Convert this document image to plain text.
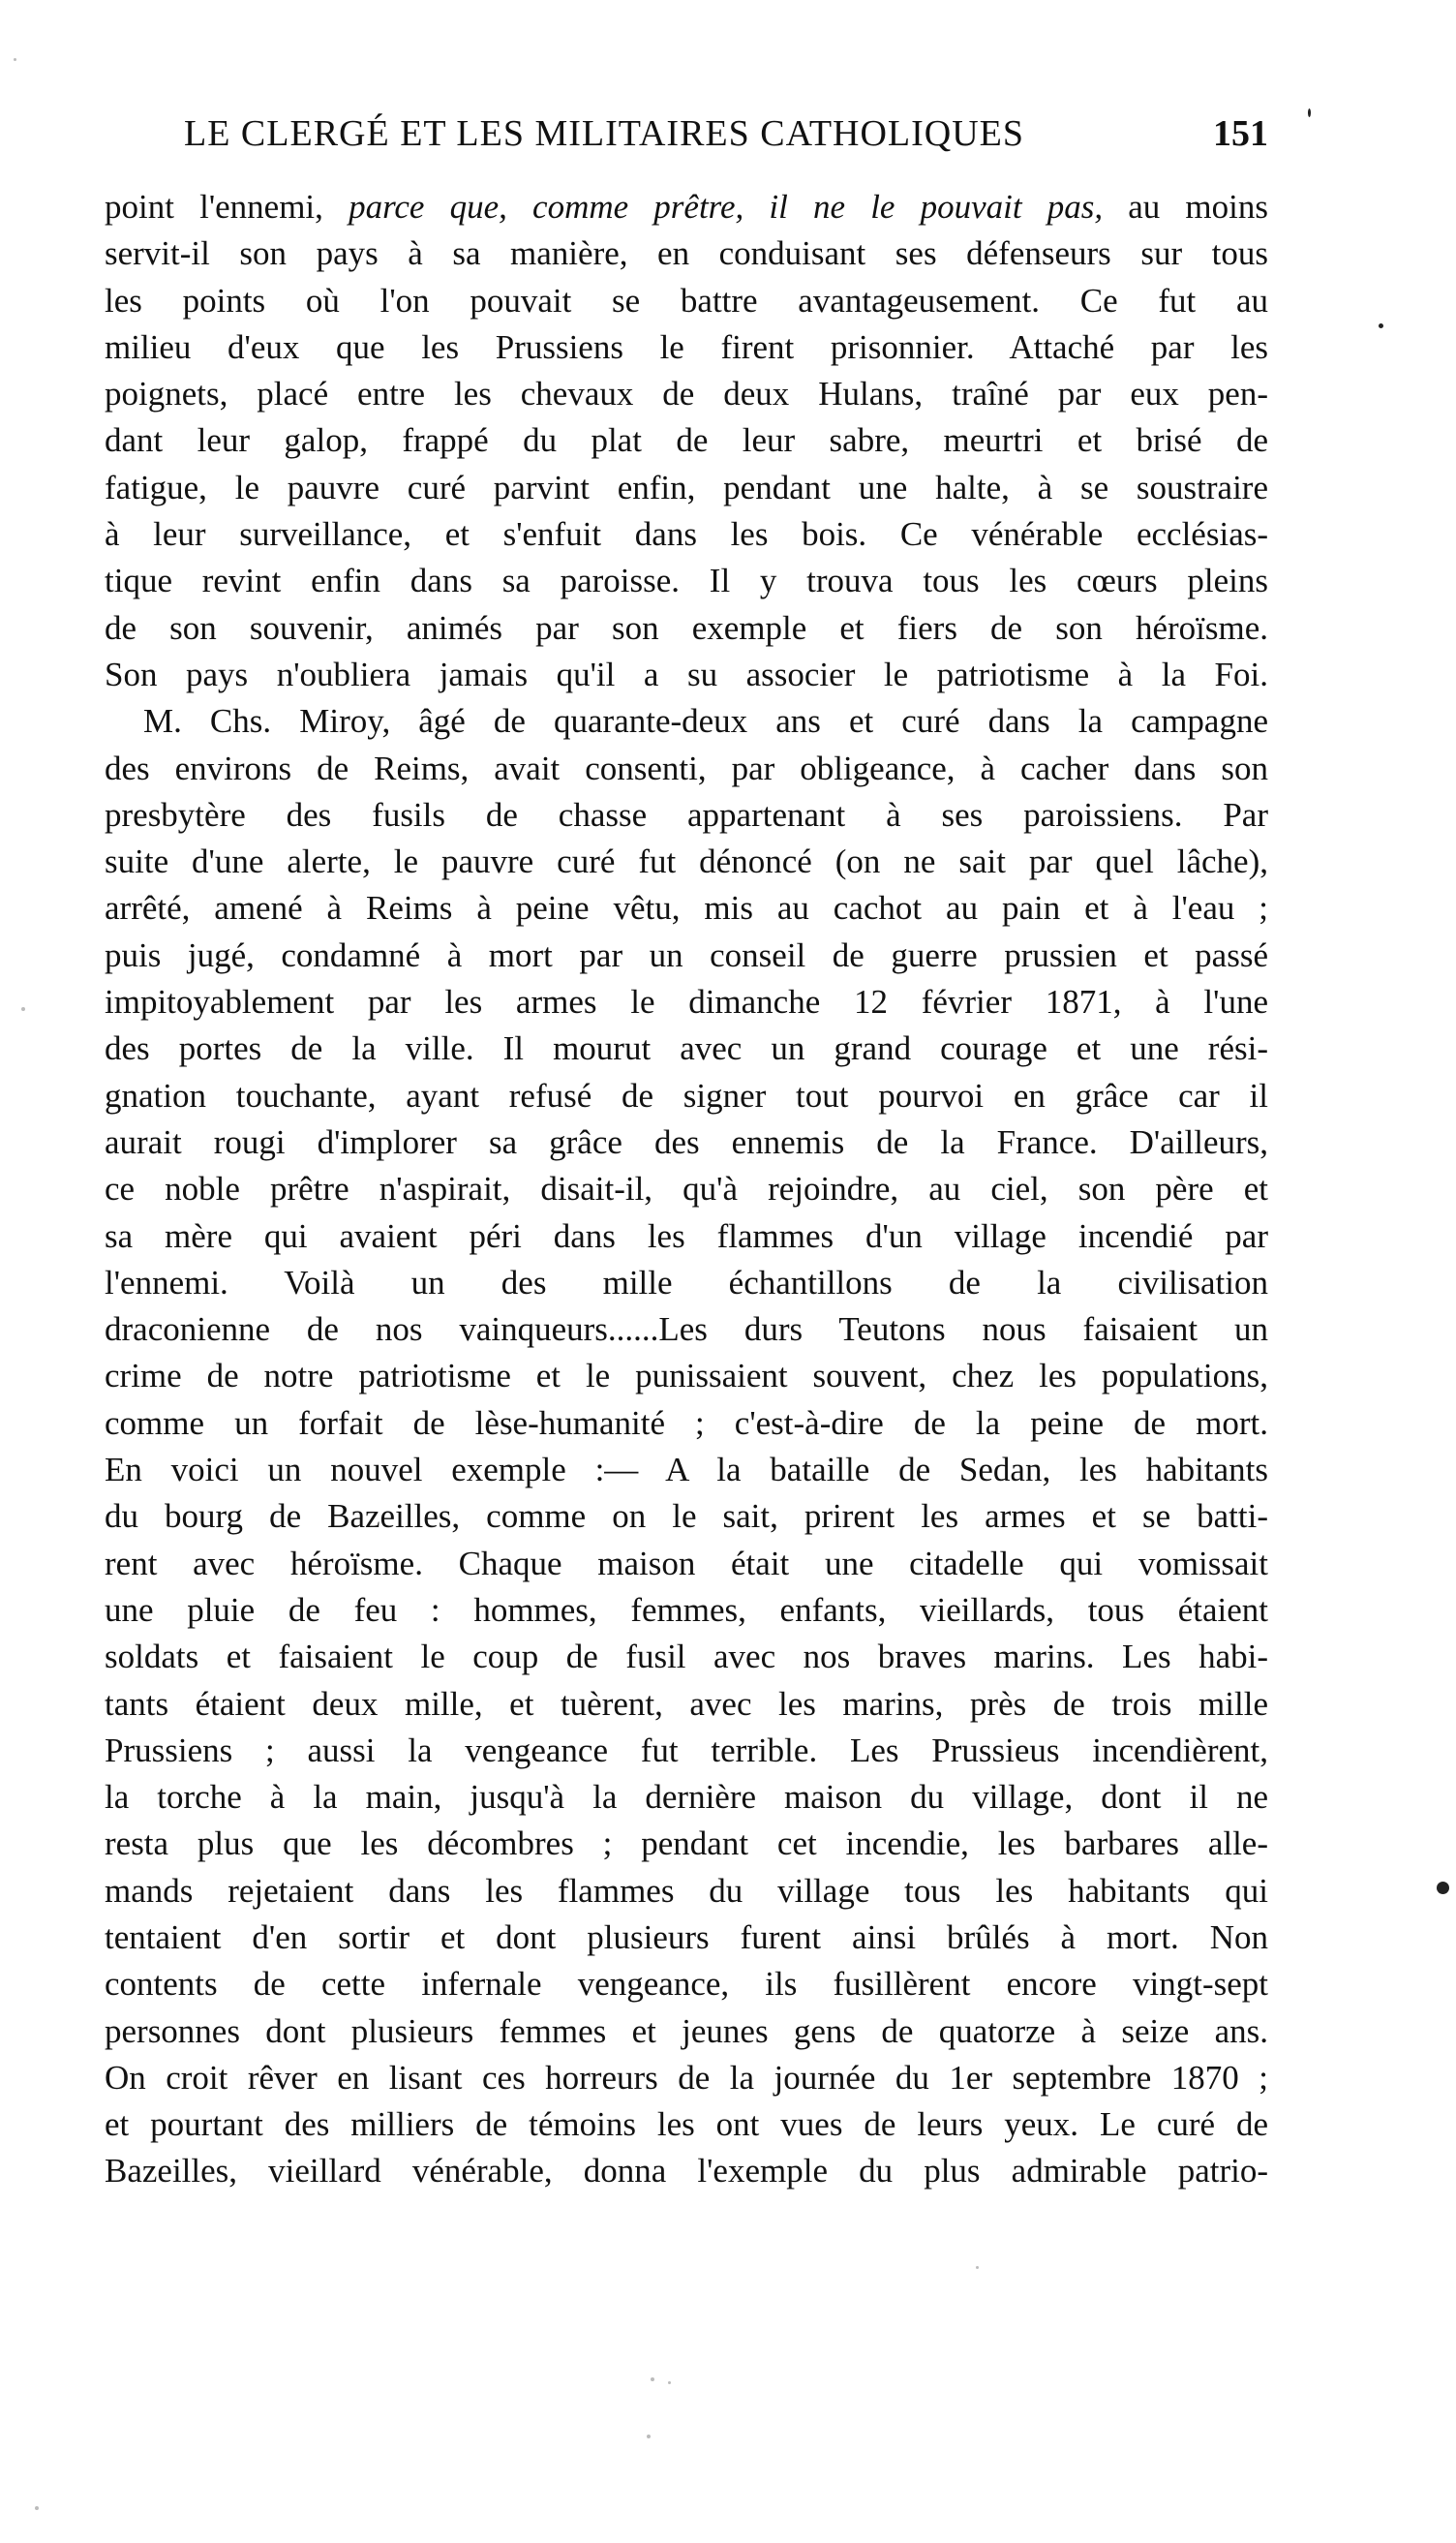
LE CLERGÉ ET LES MILITAIRES CATHOLIQUES	151
point l'ennemi, parce que, comme prêtre, il ne le pouvait pas, au moins
servit-il son pays à sa manière, en conduisant ses défenseurs sur tous
les points où l'on pouvait se battre avantageusement. Ce fut au
milieu d'eux que les Prussiens le firent prisonnier. Attaché par les
poignets, placé entre les chevaux de deux Hulans, traîné par eux pen-
dant leur galop, frappé du plat de leur sabre, meurtri et brisé de
fatigue, le pauvre curé parvint enfin, pendant une halte, à se soustraire
à leur surveillance, et s'enfuit dans les bois. Ce vénérable ecclésias-
tique revint enfin dans sa paroisse. Il y trouva tous les cœurs pleins
de son souvenir, animés par son exemple et fiers de son héroïsme.
Son pays n'oubliera jamais qu'il a su associer le patriotisme à la Foi.
M. Chs. Miroy, âgé de quarante-deux ans et curé dans la campagne
des environs de Reims, avait consenti, par obligeance, à cacher dans son
presbytère des fusils de chasse appartenant à ses paroissiens. Par
suite d'une alerte, le pauvre curé fut dénoncé (on ne sait par quel lâche),
arrêté, amené à Reims à peine vêtu, mis au cachot au pain et à l'eau ;
puis jugé, condamné à mort par un conseil de guerre prussien et passé
impitoyablement par les armes le dimanche 12 février 1871, à l'une
des portes de la ville. Il mourut avec un grand courage et une rési-
gnation touchante, ayant refusé de signer tout pourvoi en grâce car il
aurait rougi d'implorer sa grâce des ennemis de la France. D'ailleurs,
ce noble prêtre n'aspirait, disait-il, qu'à rejoindre, au ciel, son père et
sa mère qui avaient péri dans les flammes d'un village incendié par
l'ennemi. Voilà un des mille échantillons de la civilisation
draconienne de nos vainqueurs......Les durs Teutons nous faisaient un
crime de notre patriotisme et le punissaient souvent, chez les populations,
comme un forfait de lèse-humanité ; c'est-à-dire de la peine de mort.
En voici un nouvel exemple :— A la bataille de Sedan, les habitants
du bourg de Bazeilles, comme on le sait, prirent les armes et se batti-
rent avec héroïsme. Chaque maison était une citadelle qui vomissait
une pluie de feu : hommes, femmes, enfants, vieillards, tous étaient
soldats et faisaient le coup de fusil avec nos braves marins. Les habi-
tants étaient deux mille, et tuèrent, avec les marins, près de trois mille
Prussiens ; aussi la vengeance fut terrible. Les Prussieus incendièrent,
la torche à la main, jusqu'à la dernière maison du village, dont il ne
resta plus que les décombres ; pendant cet incendie, les barbares alle-
mands rejetaient dans les flammes du village tous les habitants qui
tentaient d'en sortir et dont plusieurs furent ainsi brûlés à mort. Non
contents de cette infernale vengeance, ils fusillèrent encore vingt-sept
personnes dont plusieurs femmes et jeunes gens de quatorze à seize ans.
On croit rêver en lisant ces horreurs de la journée du 1er septembre 1870 ;
et pourtant des milliers de témoins les ont vues de leurs yeux. Le curé de
Bazeilles, vieillard vénérable, donna l'exemple du plus admirable patrio-
